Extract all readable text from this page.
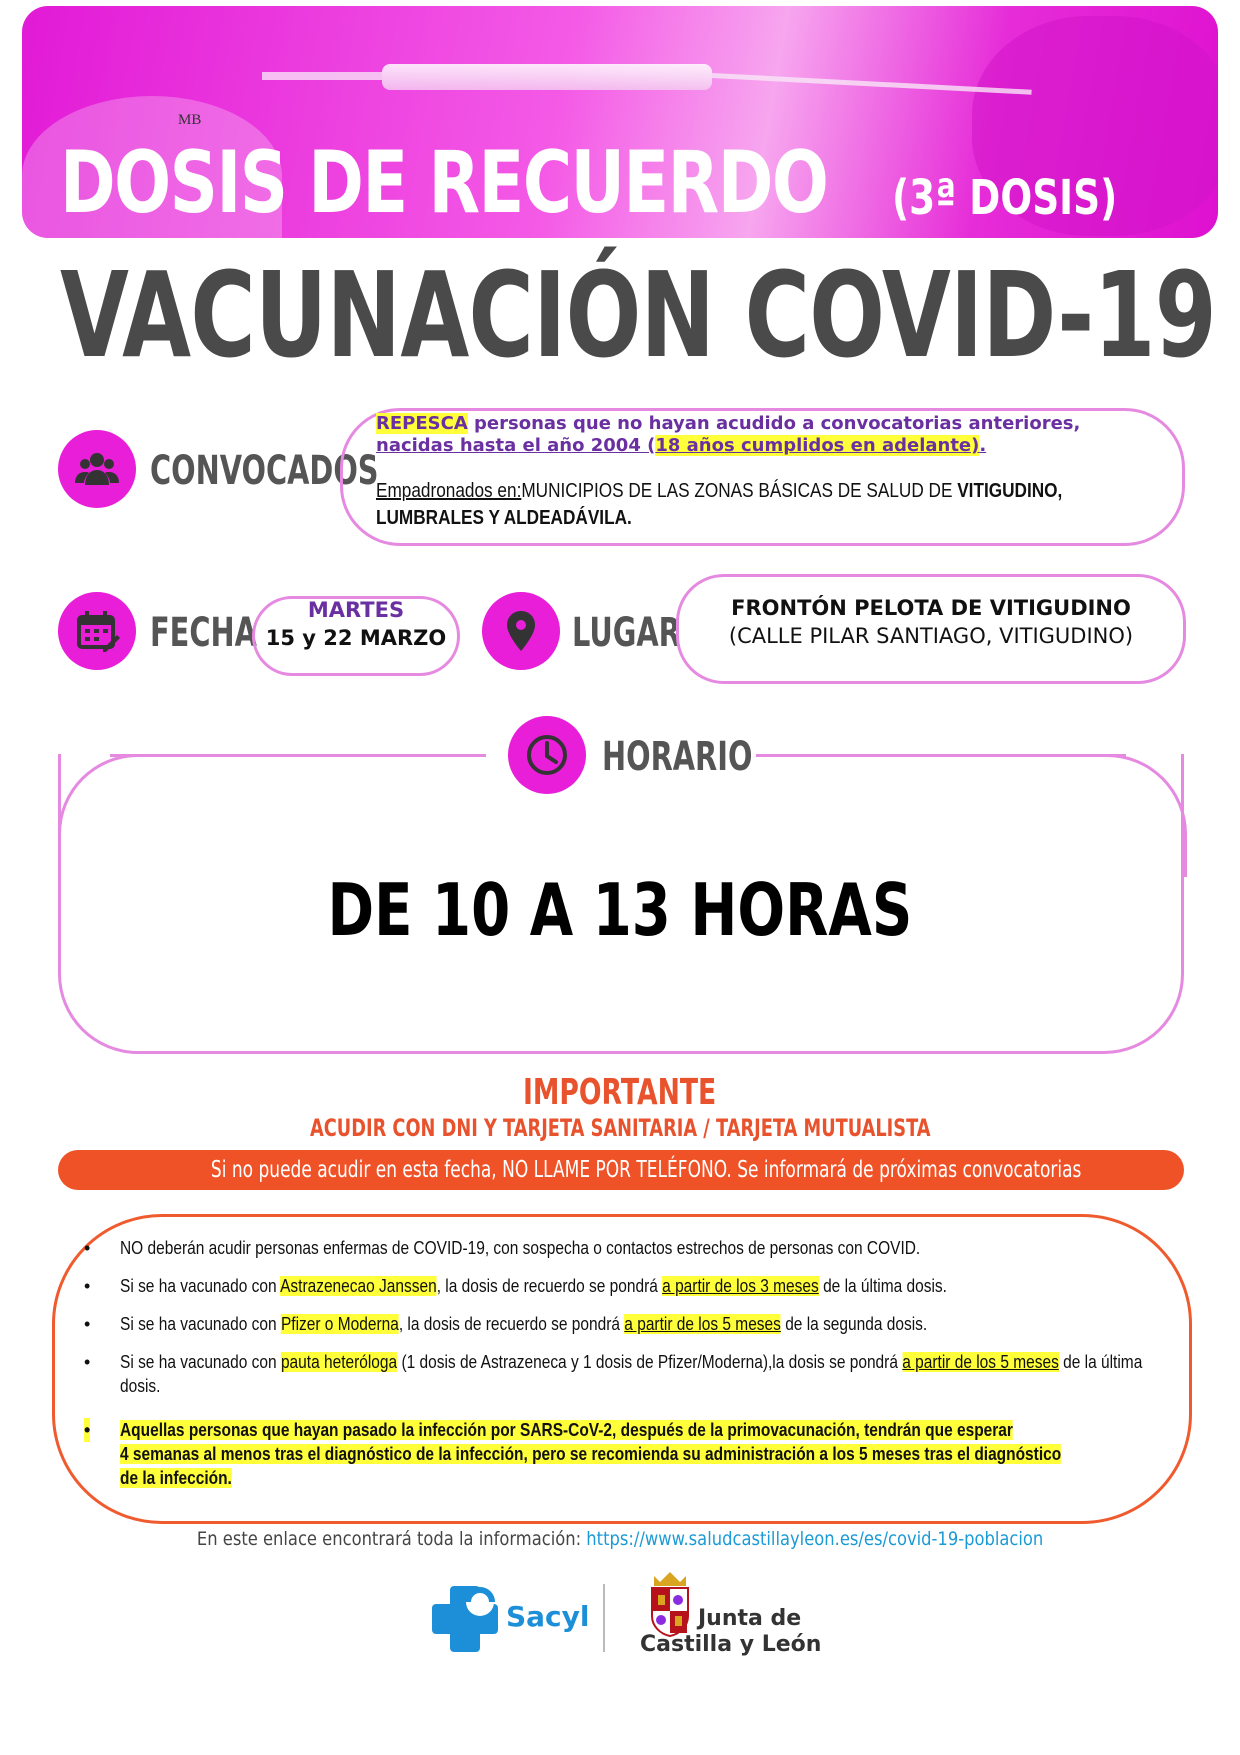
MB
DOSIS DE RECUERDO (3ª DOSIS)
VACUNACIÓN COVID-19
CONVOCADOS
REPESCA personas que no hayan acudido a convocatorias anteriores,
nacidas hasta el año 2004 (18 años cumplidos en adelante).
Empadronados en:MUNICIPIOS DE LAS ZONAS BÁSICAS DE SALUD DE VITIGUDINO,
LUMBRALES Y ALDEADÁVILA.
FECHA	MARTES
15 y 22 MARZO	LUGAR
FRONTÓN PELOTA DE VITIGUDINO
(CALLE PILAR SANTIAGO, VITIGUDINO)
HORARIO
DE 10 A 13 HORAS
IMPORTANTE
ACUDIR CON DNI Y TARJETA SANITARIA / TARJETA MUTUALISTA
Si no puede acudir en esta fecha, NO LLAME POR TELÉFONO. Se informará de próximas convocatorias
• NO deberán acudir personas enfermas de COVID-19, con sospecha o contactos estrechos de personas con COVID.
• Si se ha vacunado con Astrazenecao Janssen, la dosis de recuerdo se pondrá a partir de los 3 meses de la última dosis.
• Si se ha vacunado con Pfizer o Moderna, la dosis de recuerdo se pondrá a partir de los 5 meses de la segunda dosis.
• Si se ha vacunado con pauta heteróloga (1 dosis de Astrazeneca y 1 dosis de Pfizer/Moderna),la dosis se pondrá a partir de los 5 meses de la última dosis.
• Aquellas personas que hayan pasado la infección por SARS-CoV-2, después de la primovacunación, tendrán que esperar
4 semanas al menos tras el diagnóstico de la infección, pero se recomienda su administración a los 5 meses tras el diagnóstico
de la infección.
En este enlace encontrará toda la información: https://www.saludcastillayleon.es/es/covid-19-poblacion
Sacyl	Junta de
Castilla y León
